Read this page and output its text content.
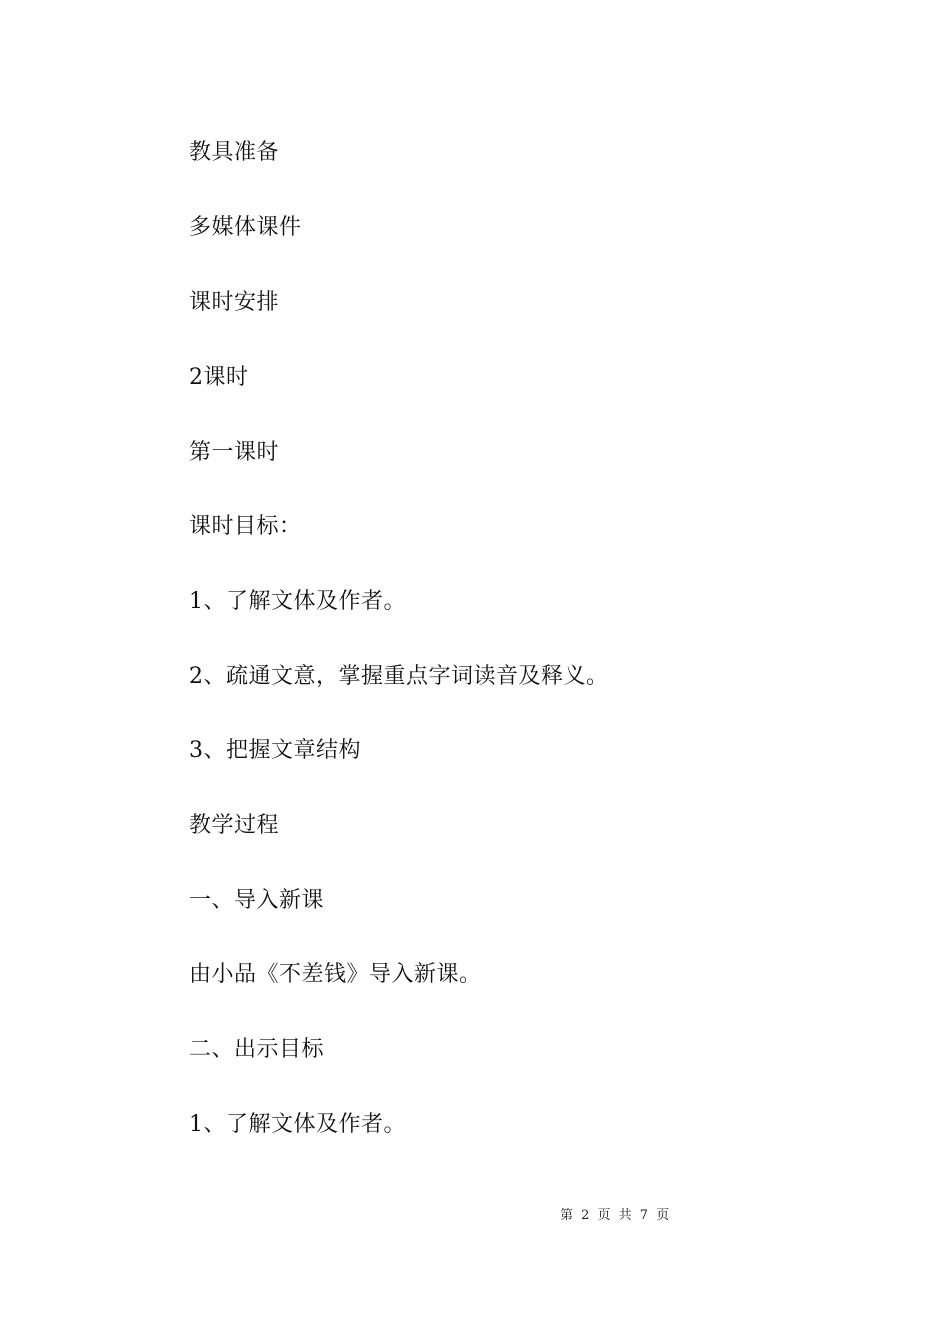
教具准备
多媒体课件
课时安排
2课时
第一课时
课时目标：
1、了解文体及作者。
2、疏通文意，掌握重点字词读音及释义。
3、把握文章结构
教学过程
一、导入新课
由小品《不差钱》导入新课。
二、出示目标
1、了解文体及作者。
第 2 页 共 7 页
